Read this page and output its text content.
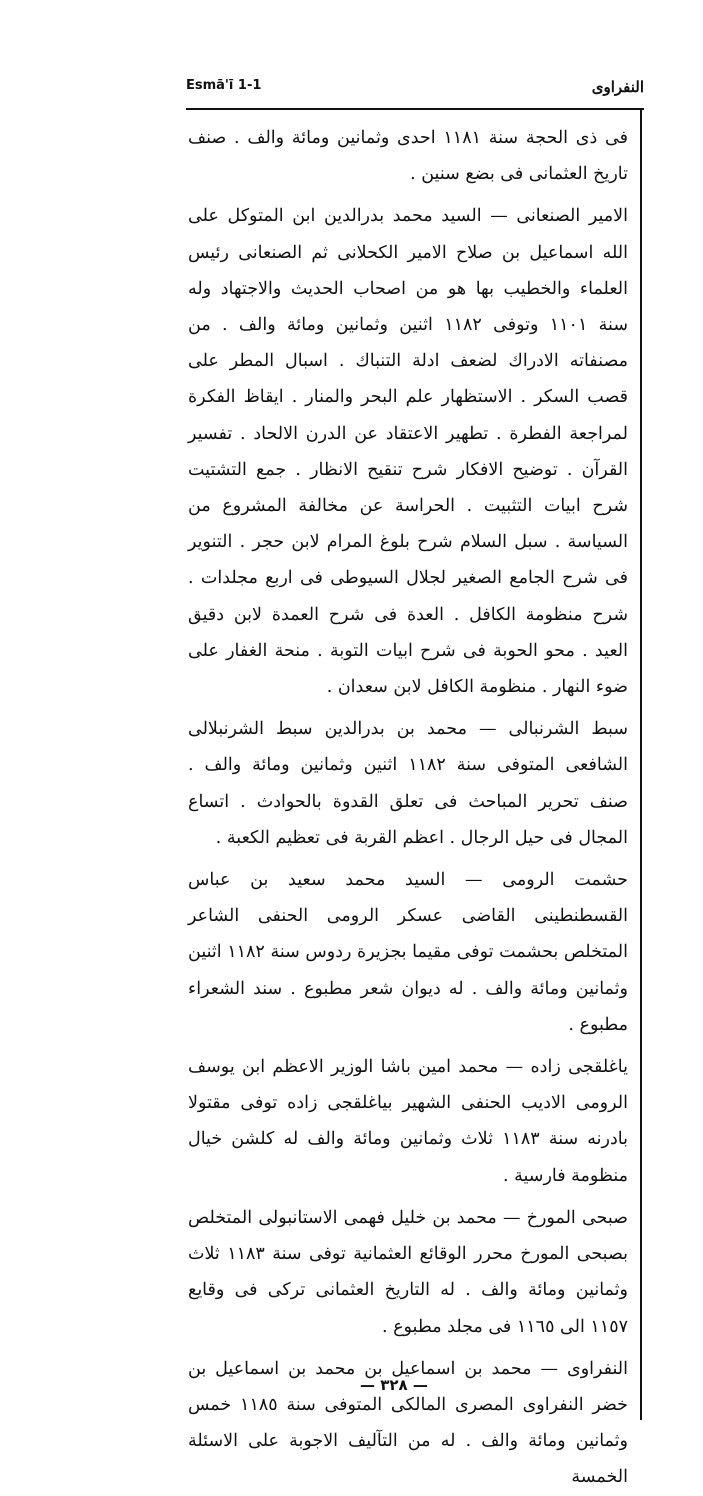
النفراوى
Esmā'ī 1-1

فى ذى الحجة سنة ١١٨١ احدى وثمانين ومائة والف . صنف تاريخ العثمانى فى بضع سنين .

الامير الصنعانى — السيد محمد بدرالدين ابن المتوكل على الله اسماعيل بن صلاح الامير الكحلانى ثم الصنعانى رئيس العلماء والخطيب بها هو من اصحاب الحديث والاجتهاد وله سنة ١١٠١ وتوفى ١١٨٢ اثنين وثمانين ومائة والف . من مصنفاته الادراك لضعف ادلة التنباك . اسبال المطر على قصب السكر . الاستظهار علم البحر والمنار . ايقاظ الفكرة لمراجعة الفطرة . تطهير الاعتقاد عن الدرن الالحاد . تفسير القرآن . توضيح الافكار شرح تنقيح الانظار . جمع التشتيت شرح ابيات التثبيت . الحراسة عن مخالفة المشروع من السياسة . سبل السلام شرح بلوغ المرام لابن حجر . التنوير فى شرح الجامع الصغير لجلال السيوطى فى اربع مجلدات . شرح منظومة الكافل . العدة فى شرح العمدة لابن دقيق العيد . محو الحوبة فى شرح ابيات التوبة . منحة الغفار على ضوء النهار . منظومة الكافل لابن سعدان .

سبط الشرنبالى — محمد بن بدرالدين سبط الشرنبلالى الشافعى المتوفى سنة ١١٨٢ اثنين وثمانين ومائة والف . صنف تحرير المباحث فى تعلق القدوة بالحوادث . اتساع المجال فى حيل الرجال . اعظم القربة فى تعظيم الكعبة .

حشمت الرومى — السيد محمد سعيد بن عباس القسطنطينى القاضى عسكر الرومى الحنفى الشاعر المتخلص بحشمت توفى مقيما بجزيرة ردوس سنة ١١٨٢ اثنين وثمانين ومائة والف . له ديوان شعر مطبوع . سند الشعراء مطبوع .

ياغلقجى زاده — محمد امين باشا الوزير الاعظم ابن يوسف الرومى الاديب الحنفى الشهير بياغلقجى زاده توفى مقتولا بادرنه سنة ١١٨٣ ثلاث وثمانين ومائة والف له كلشن خيال منظومة فارسية .

صبحى المورخ — محمد بن خليل فهمى الاستانبولى المتخلص بصبحى المورخ محرر الوقائع العثمانية توفى سنة ١١٨٣ ثلاث وثمانين ومائة والف . له التاريخ العثمانى تركى فى وقايع ١١٥٧ الى ١١٦٥ فى مجلد مطبوع .

النفراوى — محمد بن اسماعيل بن محمد بن اسماعيل بن خضر النفراوى المصرى المالكى المتوفى سنة ١١٨٥ خمس وثمانين ومائة والف . له من التآليف الاجوبة على الاسئلة الخمسة

— ٣٢٨ —
